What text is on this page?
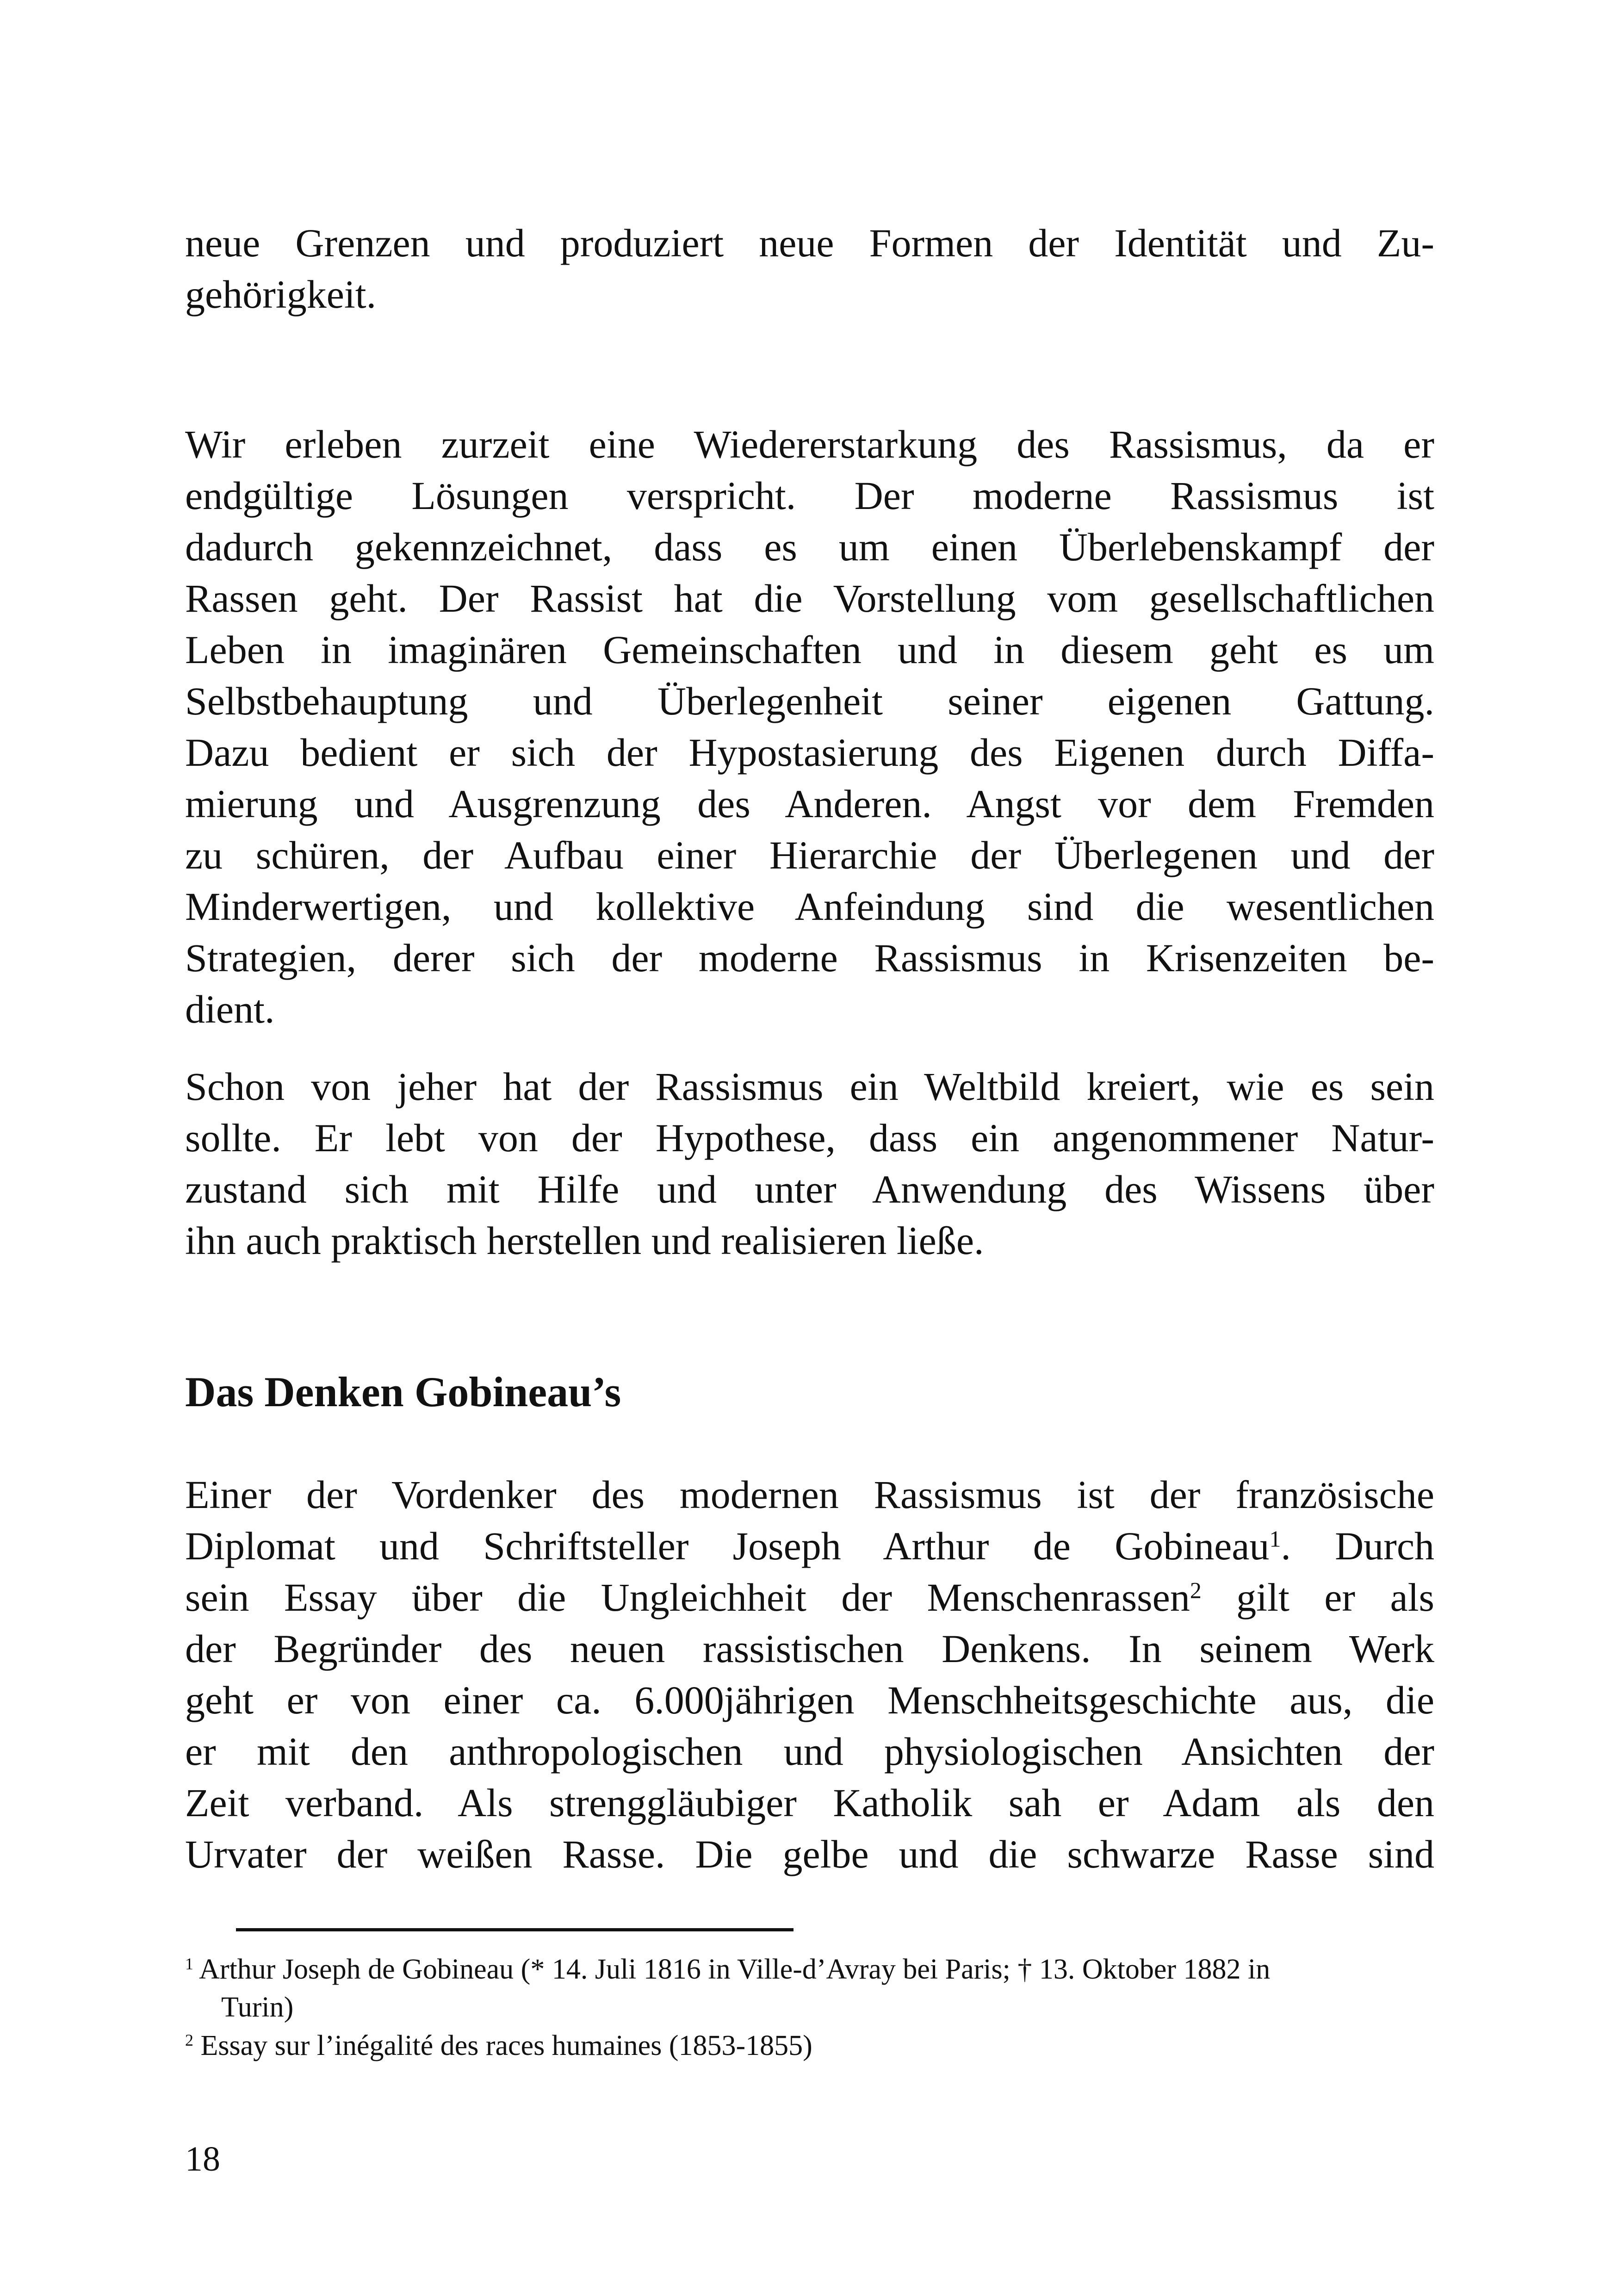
neue Grenzen und produziert neue Formen der Identität und Zu-
gehörigkeit.
Wir erleben zurzeit eine Wiedererstarkung des Rassismus, da er
endgültige Lösungen verspricht. Der moderne Rassismus ist
dadurch gekennzeichnet, dass es um einen Überlebenskampf der
Rassen geht. Der Rassist hat die Vorstellung vom gesellschaftlichen
Leben in imaginären Gemeinschaften und in diesem geht es um
Selbstbehauptung und Überlegenheit seiner eigenen Gattung.
Dazu bedient er sich der Hypostasierung des Eigenen durch Diffa-
mierung und Ausgrenzung des Anderen. Angst vor dem Fremden
zu schüren, der Aufbau einer Hierarchie der Überlegenen und der
Minderwertigen, und kollektive Anfeindung sind die wesentlichen
Strategien, derer sich der moderne Rassismus in Krisenzeiten be-
dient.
Schon von jeher hat der Rassismus ein Weltbild kreiert, wie es sein
sollte. Er lebt von der Hypothese, dass ein angenommener Natur-
zustand sich mit Hilfe und unter Anwendung des Wissens über
ihn auch praktisch herstellen und realisieren ließe.
Das Denken Gobineau’s
Einer der Vordenker des modernen Rassismus ist der französische
Diplomat und Schriftsteller Joseph Arthur de Gobineau$^1$. Durch
sein Essay über die Ungleichheit der Menschenrassen$^2$ gilt er als
der Begründer des neuen rassistischen Denkens. In seinem Werk
geht er von einer ca. 6.000jährigen Menschheitsgeschichte aus, die
er mit den anthropologischen und physiologischen Ansichten der
Zeit verband. Als strenggläubiger Katholik sah er Adam als den
Urvater der weißen Rasse. Die gelbe und die schwarze Rasse sind
$^1$ Arthur Joseph de Gobineau (* 14. Juli 1816 in Ville-d’Avray bei Paris; † 13. Oktober 1882 in
Turin)
$^2$ Essay sur l’inégalité des races humaines (1853-1855)
18
